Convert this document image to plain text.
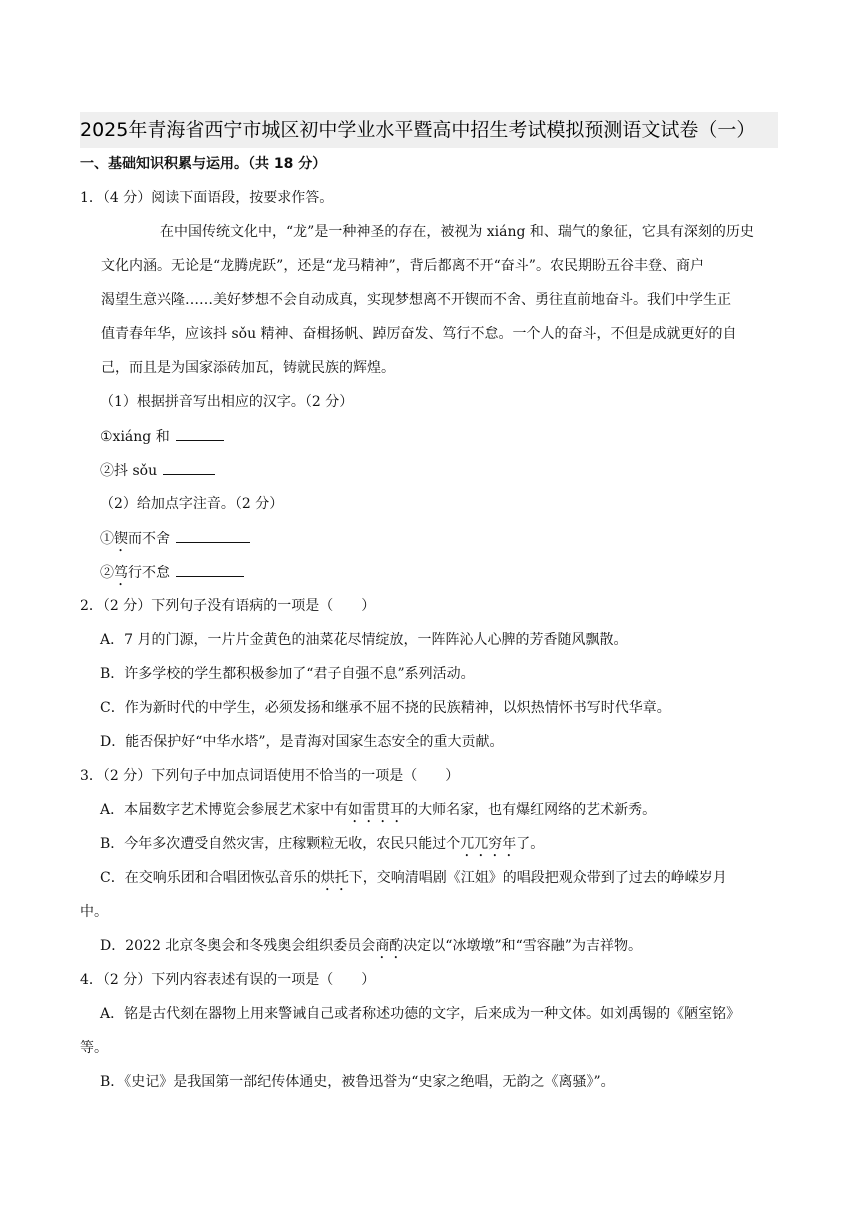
2025年青海省西宁市城区初中学业水平暨高中招生考试模拟预测语文试卷（一）
一、基础知识积累与运用。（共 18 分）
1．（4 分）阅读下面语段，按要求作答。
在中国传统文化中，“龙”是一种神圣的存在，被视为 xiáng 和、瑞气的象征，它具有深刻的历史
文化内涵。无论是“龙腾虎跃”，还是“龙马精神”，背后都离不开“奋斗”。农民期盼五谷丰登、商户
渴望生意兴隆……美好梦想不会自动成真，实现梦想离不开锲而不舍、勇往直前地奋斗。我们中学生正
值青春年华，应该抖 sǒu 精神、奋楫扬帆、踔厉奋发、笃行不怠。一个人的奋斗，不但是成就更好的自
己，而且是为国家添砖加瓦，铸就民族的辉煌。
（1）根据拼音写出相应的汉字。（2 分）
①xiáng 和
②抖 sǒu
（2）给加点字注音。（2 分）
①锲而不舍
②笃行不怠
2．（2 分）下列句子没有语病的一项是（　　）
A．7 月的门源，一片片金黄色的油菜花尽情绽放，一阵阵沁人心脾的芳香随风飘散。
B．许多学校的学生都积极参加了“君子自强不息”系列活动。
C．作为新时代的中学生，必须发扬和继承不屈不挠的民族精神，以炽热情怀书写时代华章。
D．能否保护好“中华水塔”，是青海对国家生态安全的重大贡献。
3．（2 分）下列句子中加点词语使用不恰当的一项是（　　）
A．本届数字艺术博览会参展艺术家中有如雷贯耳的大师名家，也有爆红网络的艺术新秀。
B．今年多次遭受自然灾害，庄稼颗粒无收，农民只能过个兀兀穷年了。
C．在交响乐团和合唱团恢弘音乐的烘托下，交响清唱剧《江姐》的唱段把观众带到了过去的峥嵘岁月
中。
D．2022 北京冬奥会和冬残奥会组织委员会商酌决定以“冰墩墩”和“雪容融”为吉祥物。
4．（2 分）下列内容表述有误的一项是（　　）
A．铭是古代刻在器物上用来警诫自己或者称述功德的文字，后来成为一种文体。如刘禹锡的《陋室铭》
等。
B．《史记》是我国第一部纪传体通史，被鲁迅誉为“史家之绝唱，无韵之《离骚》”。
